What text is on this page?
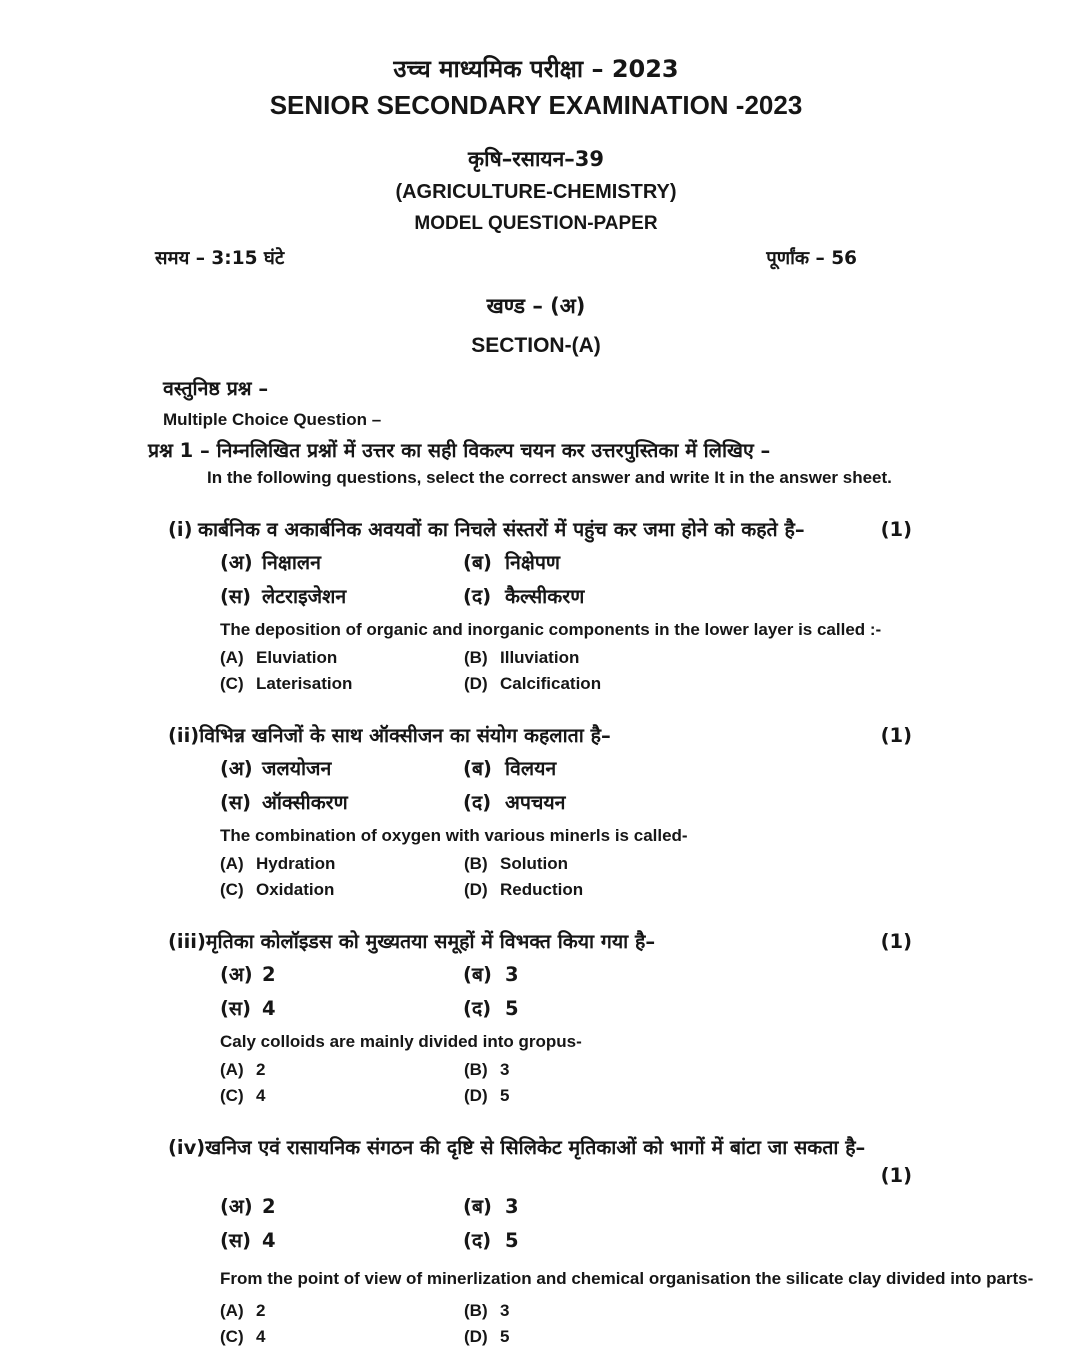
उच्च माध्यमिक परीक्षा – 2023
SENIOR SECONDARY EXAMINATION -2023
कृषि–रसायन–39
(AGRICULTURE-CHEMISTRY)
MODEL QUESTION-PAPER
समय – 3:15 घंटे	पूर्णांक – 56
खण्ड – (अ)
SECTION-(A)
वस्तुनिष्ठ प्रश्न –
Multiple Choice Question –
प्रश्न 1 – निम्नलिखित प्रश्नों में उत्तर का सही विकल्प चयन कर उत्तरपुस्तिका में लिखिए –
In the following questions, select the correct answer and write It in the answer sheet.
(i) कार्बनिक व अकार्बनिक अवयवों का निचले संस्तरों में पहुंच कर जमा होने को कहते है–	(1)
(अ) निक्षालन	(ब) निक्षेपण
(स) लेटराइजेशन	(द) कैल्सीकरण
The deposition of organic and inorganic components in the lower layer is called :-
(A) Eluviation	(B) Illuviation
(C) Laterisation	(D) Calcification
(ii) विभिन्न खनिजों के साथ ऑक्सीजन का संयोग कहलाता है–	(1)
(अ) जलयोजन	(ब) विलयन
(स) ऑक्सीकरण	(द) अपचयन
The combination of oxygen with various minerls is called-
(A) Hydration	(B) Solution
(C) Oxidation	(D) Reduction
(iii) मृतिका कोलॉइडस को मुख्यतया समूहों में विभक्त किया गया है–	(1)
(अ) 2	(ब) 3
(स) 4	(द) 5
Caly colloids are mainly divided into gropus-
(A) 2	(B) 3
(C) 4	(D) 5
(iv) खनिज एवं रासायनिक संगठन की दृष्टि से सिलिकेट मृतिकाओं को भागों में बांटा जा सकता है–
(1)
(अ) 2	(ब) 3
(स) 4	(द) 5
From the point of view of minerlization and chemical organisation the silicate clay divided into parts-
(A) 2	(B) 3
(C) 4	(D) 5
